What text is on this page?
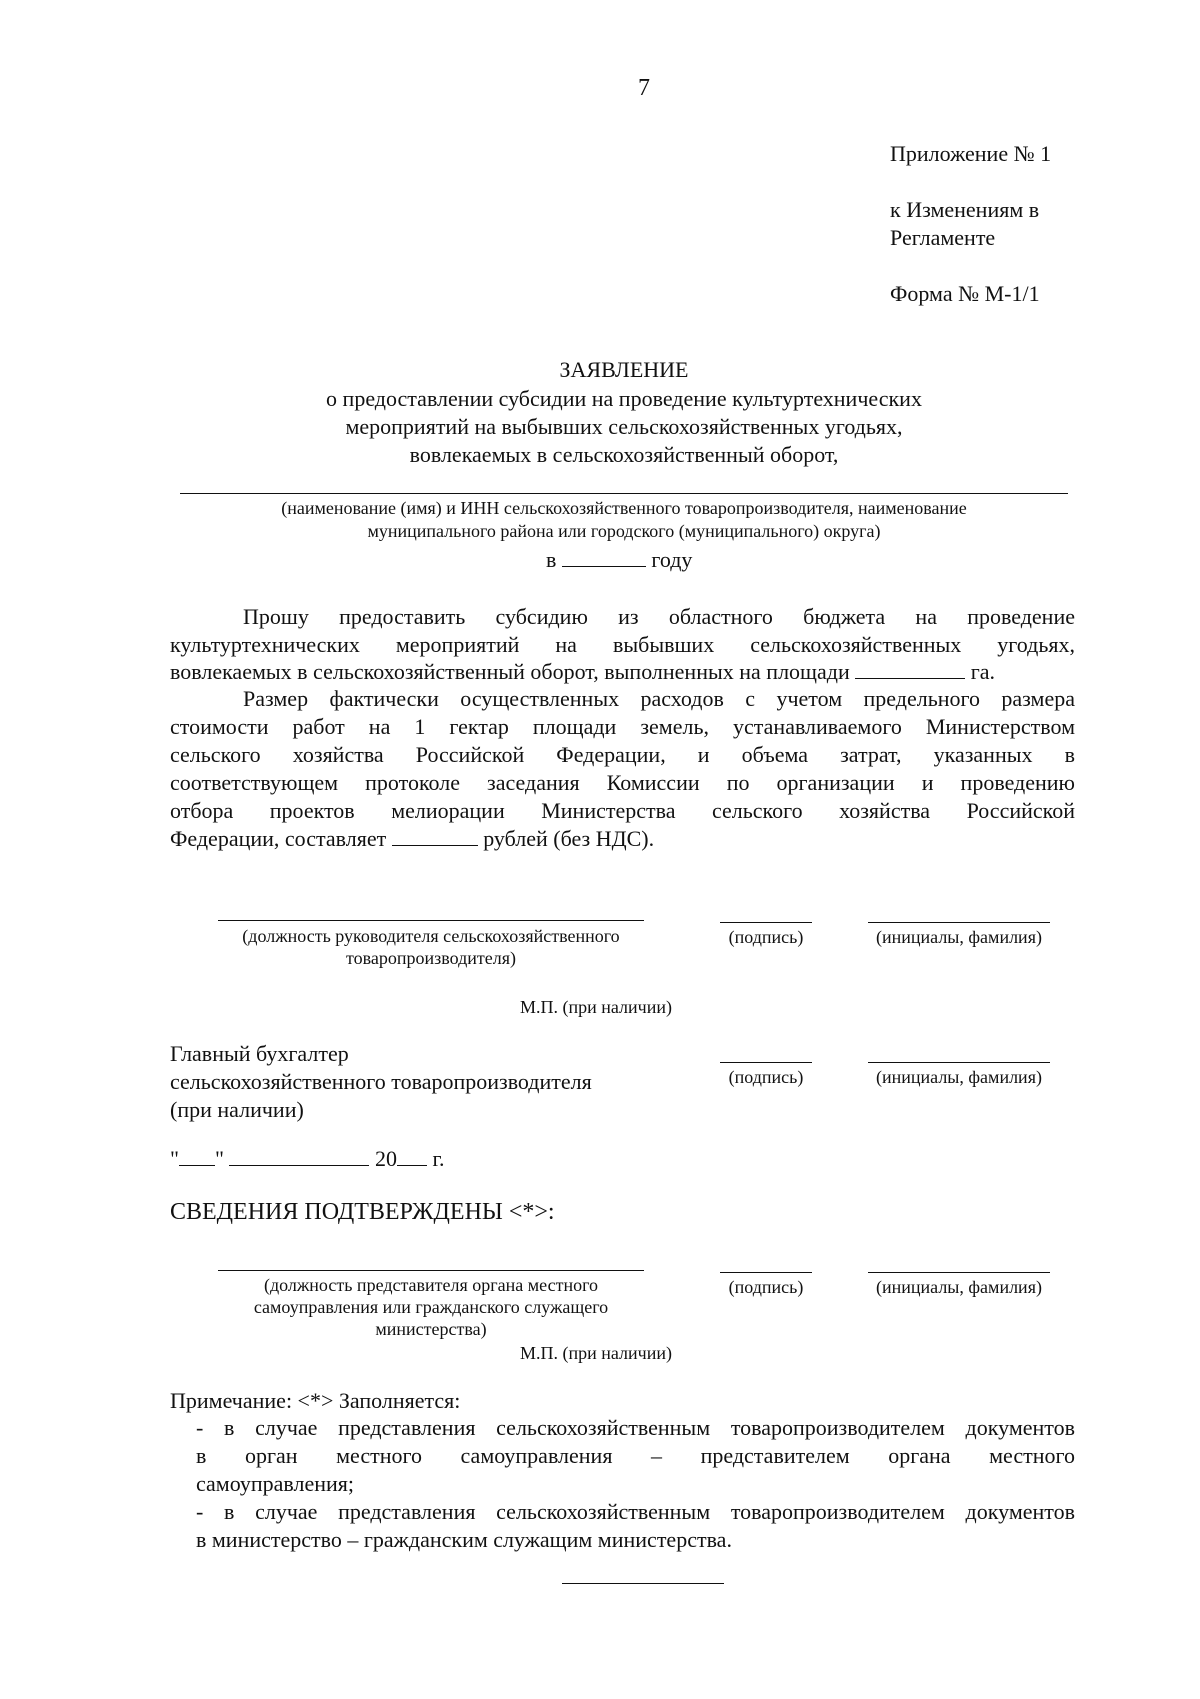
7
Приложение № 1
к Изменениям в
Регламенте
Форма № М-1/1
ЗАЯВЛЕНИЕ
о предоставлении субсидии на проведение культуртехнических
мероприятий на выбывших сельскохозяйственных угодьях,
вовлекаемых в сельскохозяйственный оборот,
(наименование (имя) и ИНН сельскохозяйственного товаропроизводителя, наименование
муниципального района или городского (муниципального) округа)
в	году
Прошу предоставить субсидию из областного бюджета на проведение
культуртехнических мероприятий на выбывших сельскохозяйственных угодьях,
вовлекаемых в сельскохозяйственный оборот, выполненных на площади	га.
Размер фактически осуществленных расходов с учетом предельного размера
стоимости работ на 1 гектар площади земель, устанавливаемого Министерством
сельского хозяйства Российской Федерации, и объема затрат, указанных в
соответствующем протоколе заседания Комиссии по организации и проведению
отбора проектов мелиорации Министерства сельского хозяйства Российской
Федерации, составляет	рублей (без НДС).
(должность руководителя сельскохозяйственного
товаропроизводителя)
(подпись)	(инициалы, фамилия)
М.П. (при наличии)
Главный бухгалтер
сельскохозяйственного товаропроизводителя
(при наличии)
(подпись)	(инициалы, фамилия)
" "	20 г.
СВЕДЕНИЯ ПОДТВЕРЖДЕНЫ <*>:
(должность представителя органа местного
самоуправления или гражданского служащего
министерства)
(подпись)	(инициалы, фамилия)
М.П. (при наличии)
Примечание: <*> Заполняется:
- в случае представления сельскохозяйственным товаропроизводителем документов
в орган местного самоуправления – представителем органа местного
самоуправления;
- в случае представления сельскохозяйственным товаропроизводителем документов
в министерство – гражданским служащим министерства.
